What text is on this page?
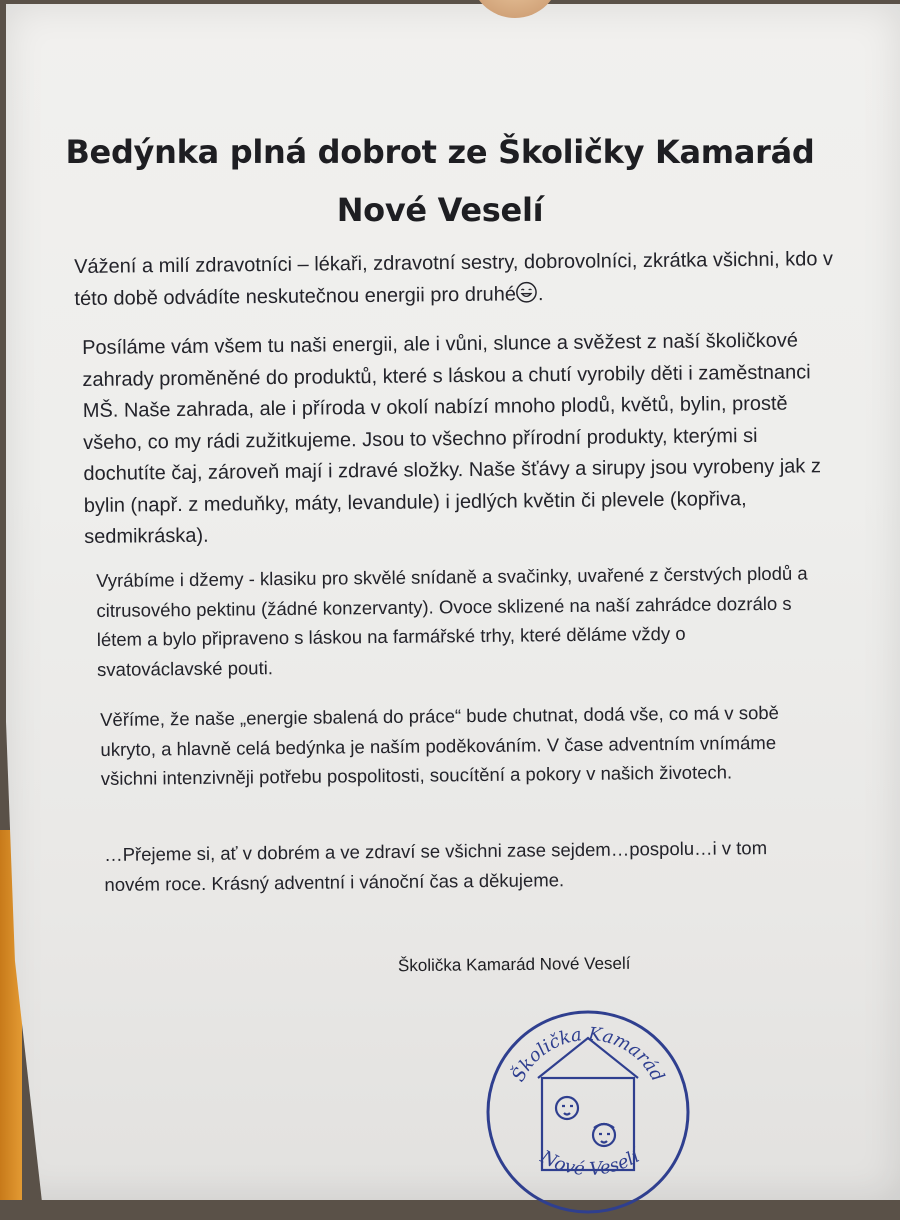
Bedýnka plná dobrot ze Školičky Kamarád
Nové Veselí

Vážení a milí zdravotníci – lékaři, zdravotní sestry, dobrovolníci, zkrátka všichni, kdo v této době odvádíte neskutečnou energii pro druhé .

Posíláme vám všem tu naši energii, ale i vůni, slunce a svěžest z naší školičkové zahrady proměněné do produktů, které s láskou a chutí vyrobily děti i zaměstnanci MŠ. Naše zahrada, ale i příroda v okolí nabízí mnoho plodů, květů, bylin, prostě všeho, co my rádi zužitkujeme. Jsou to všechno přírodní produkty, kterými si dochutíte čaj, zároveň mají i zdravé složky. Naše šťávy a sirupy jsou vyrobeny jak z bylin (např. z meduňky, máty, levandule) i jedlých květin či plevele (kopřiva, sedmikráska).

Vyrábíme i džemy - klasiku pro skvělé snídaně a svačinky, uvařené z čerstvých plodů a citrusového pektinu (žádné konzervanty). Ovoce sklizené na naší zahrádce dozrálo s létem a bylo připraveno s láskou na farmářské trhy, které děláme vždy o svatováclavské pouti.

Věříme, že naše „energie sbalená do práce“ bude chutnat, dodá vše, co má v sobě ukryto, a hlavně celá bedýnka je naším poděkováním. V čase adventním vnímáme všichni intenzivněji potřebu pospolitosti, soucítění a pokory v našich životech.

…Přejeme si, ať v dobrém a ve zdraví se všichni zase sejdem…pospolu…i v tom novém roce. Krásný adventní i vánoční čas a děkujeme.

Školička Kamarád Nové Veselí
Školička Kamarád
Nové Veselí
